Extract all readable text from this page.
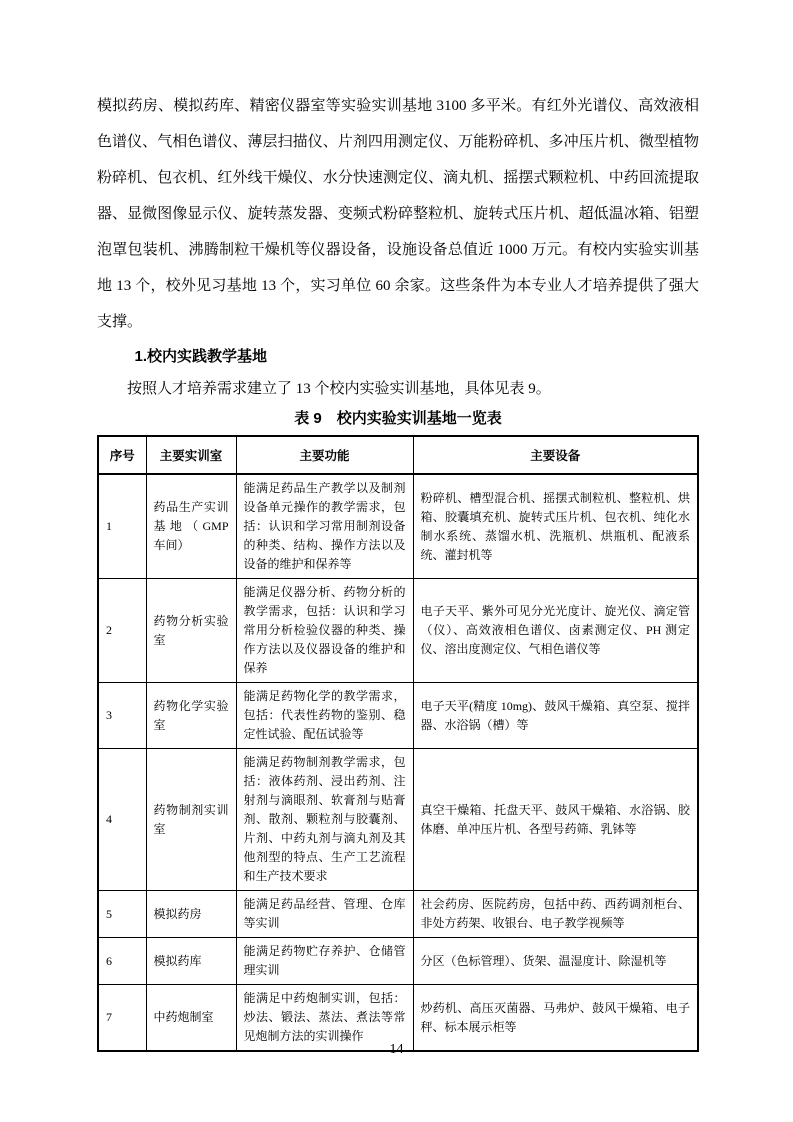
模拟药房、模拟药库、精密仪器室等实验实训基地 3100 多平米。有红外光谱仪、高效液相色谱仪、气相色谱仪、薄层扫描仪、片剂四用测定仪、万能粉碎机、多冲压片机、微型植物粉碎机、包衣机、红外线干燥仪、水分快速测定仪、滴丸机、摇摆式颗粒机、中药回流提取器、显微图像显示仪、旋转蒸发器、变频式粉碎整粒机、旋转式压片机、超低温冰箱、铝塑泡罩包装机、沸腾制粒干燥机等仪器设备，设施设备总值近 1000 万元。有校内实验实训基地 13 个，校外见习基地 13 个，实习单位 60 余家。这些条件为本专业人才培养提供了强大支撑。

1.校内实践教学基地

按照人才培养需求建立了 13 个校内实验实训基地，具体见表 9。

表 9　校内实验实训基地一览表
序号	主要实训室	主要功能	主要设备
1	药品生产实训基地（GMP 车间）	能满足药品生产教学以及制剂设备单元操作的教学需求，包括：认识和学习常用制剂设备的种类、结构、操作方法以及设备的维护和保养等	粉碎机、槽型混合机、摇摆式制粒机、整粒机、烘箱、胶囊填充机、旋转式压片机、包衣机、纯化水制水系统、蒸馏水机、洗瓶机、烘瓶机、配液系统、灌封机等
2	药物分析实验室	能满足仪器分析、药物分析的教学需求，包括：认识和学习常用分析检验仪器的种类、操作方法以及仪器设备的维护和保养	电子天平、紫外可见分光光度计、旋光仪、滴定管（仪）、高效液相色谱仪、卤素测定仪、PH 测定仪、溶出度测定仪、气相色谱仪等
3	药物化学实验室	能满足药物化学的教学需求，包括：代表性药物的鉴别、稳定性试验、配伍试验等	电子天平(精度 10mg)、鼓风干燥箱、真空泵、搅拌器、水浴锅（槽）等
4	药物制剂实训室	能满足药物制剂教学需求，包括：液体药剂、浸出药剂、注射剂与滴眼剂、软膏剂与贴膏剂、散剂、颗粒剂与胶囊剂、片剂、中药丸剂与滴丸剂及其他剂型的特点、生产工艺流程和生产技术要求	真空干燥箱、托盘天平、鼓风干燥箱、水浴锅、胶体磨、单冲压片机、各型号药筛、乳钵等
5	模拟药房	能满足药品经营、管理、仓库等实训	社会药房、医院药房，包括中药、西药调剂柜台、非处方药架、收银台、电子教学视频等
6	模拟药库	能满足药物贮存养护、仓储管理实训	分区（色标管理）、货架、温湿度计、除湿机等
7	中药炮制室	能满足中药炮制实训，包括：炒法、锻法、蒸法、煮法等常见炮制方法的实训操作	炒药机、高压灭菌器、马弗炉、鼓风干燥箱、电子秤、标本展示柜等
14
